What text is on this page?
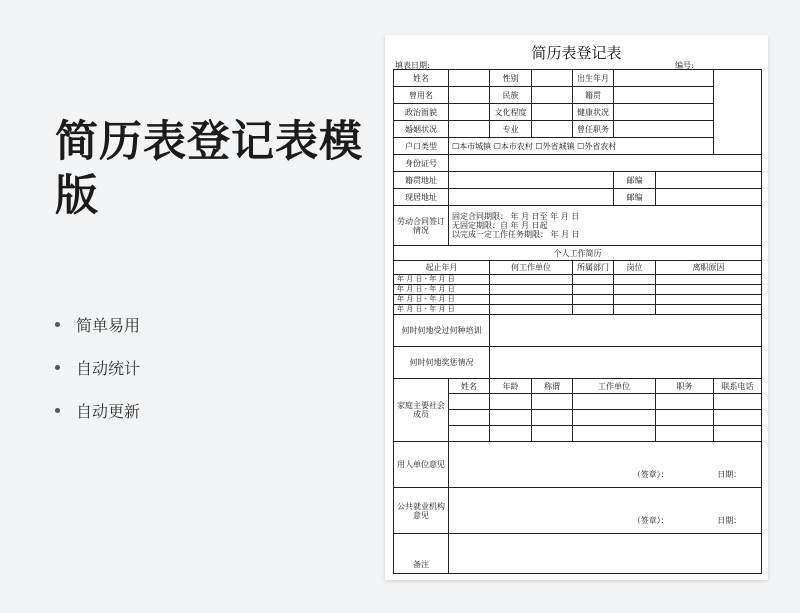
简历表登记表模版
简单易用
自动统计
自动更新
简历表登记表
填表日期:	编号:
姓名		性别		出生年月			
曾用名		民族		籍贯			
政治面貌		文化程度		健康状况			
婚姻状况		专业		曾任职务			
户口类型	☐本市城镇 ☐本市农村 ☐外省城镇 ☐外省农村						
身份证号							
籍贯地址					邮编		
现居地址					邮编		
劳动合同签订情况	固定合同期限： 年 月 日至 年 月 日
无固定期限：自 年 月 日起
以完成一定工作任务期限： 年 月 日						

个人工作简历							
起止年月		何工作单位		所属部门	岗位	离职原因	
年 月 日 - 年 月 日							
年 月 日 - 年 月 日							
年 月 日 - 年 月 日							
年 月 日 - 年 月 日							
何时何地受过何种培训							
何时何地奖惩情况							
家庭主要社会成员	姓名	年龄	称谓	工作单位		职务	联系电话

用人单位意见	（签章）： 日期：						
公共就业机构意见	（签章）： 日期：						
备注							
